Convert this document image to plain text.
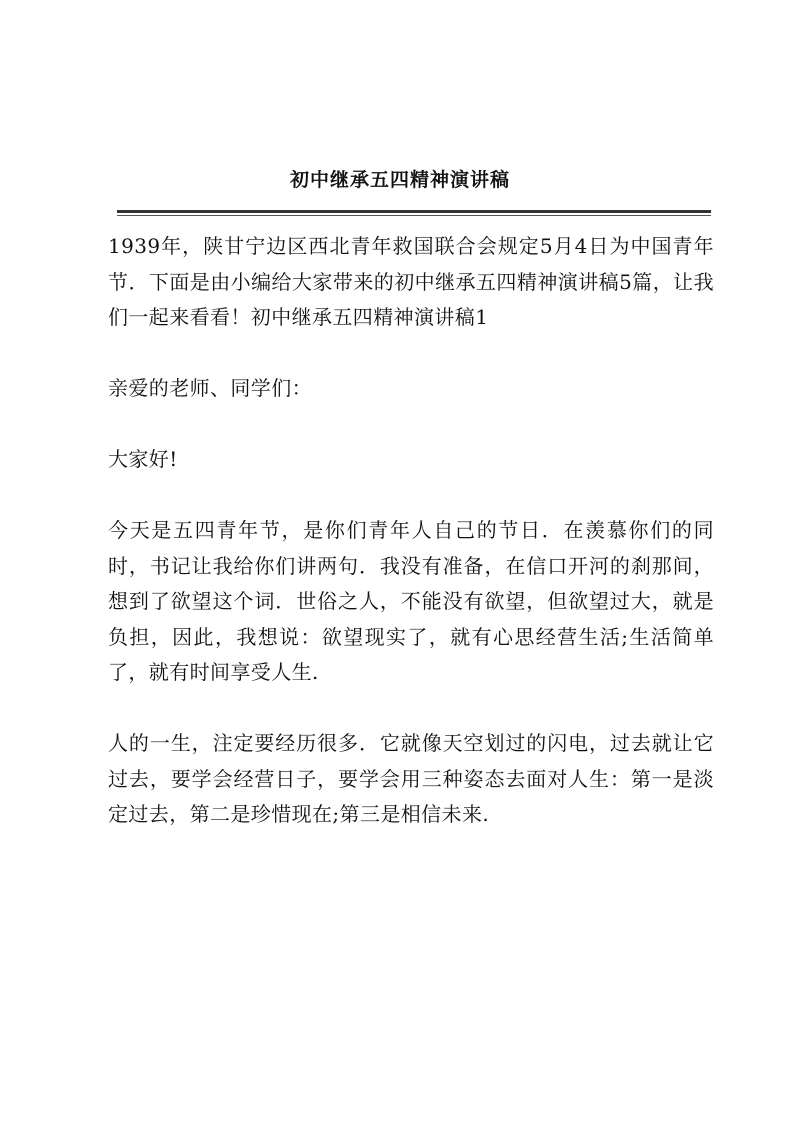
初中继承五四精神演讲稿

1939年，陕甘宁边区西北青年救国联合会规定5月4日为中国青年节．下面是由小编给大家带来的初中继承五四精神演讲稿5篇，让我们一起来看看！初中继承五四精神演讲稿1

亲爱的老师、同学们：

大家好!

今天是五四青年节，是你们青年人自己的节日．在羡慕你们的同时，书记让我给你们讲两句．我没有准备，在信口开河的刹那间，想到了欲望这个词．世俗之人，不能没有欲望，但欲望过大，就是负担，因此，我想说：欲望现实了，就有心思经营生活;生活简单了，就有时间享受人生.

人的一生，注定要经历很多．它就像天空划过的闪电，过去就让它过去，要学会经营日子，要学会用三种姿态去面对人生：第一是淡定过去，第二是珍惜现在;第三是相信未来.
